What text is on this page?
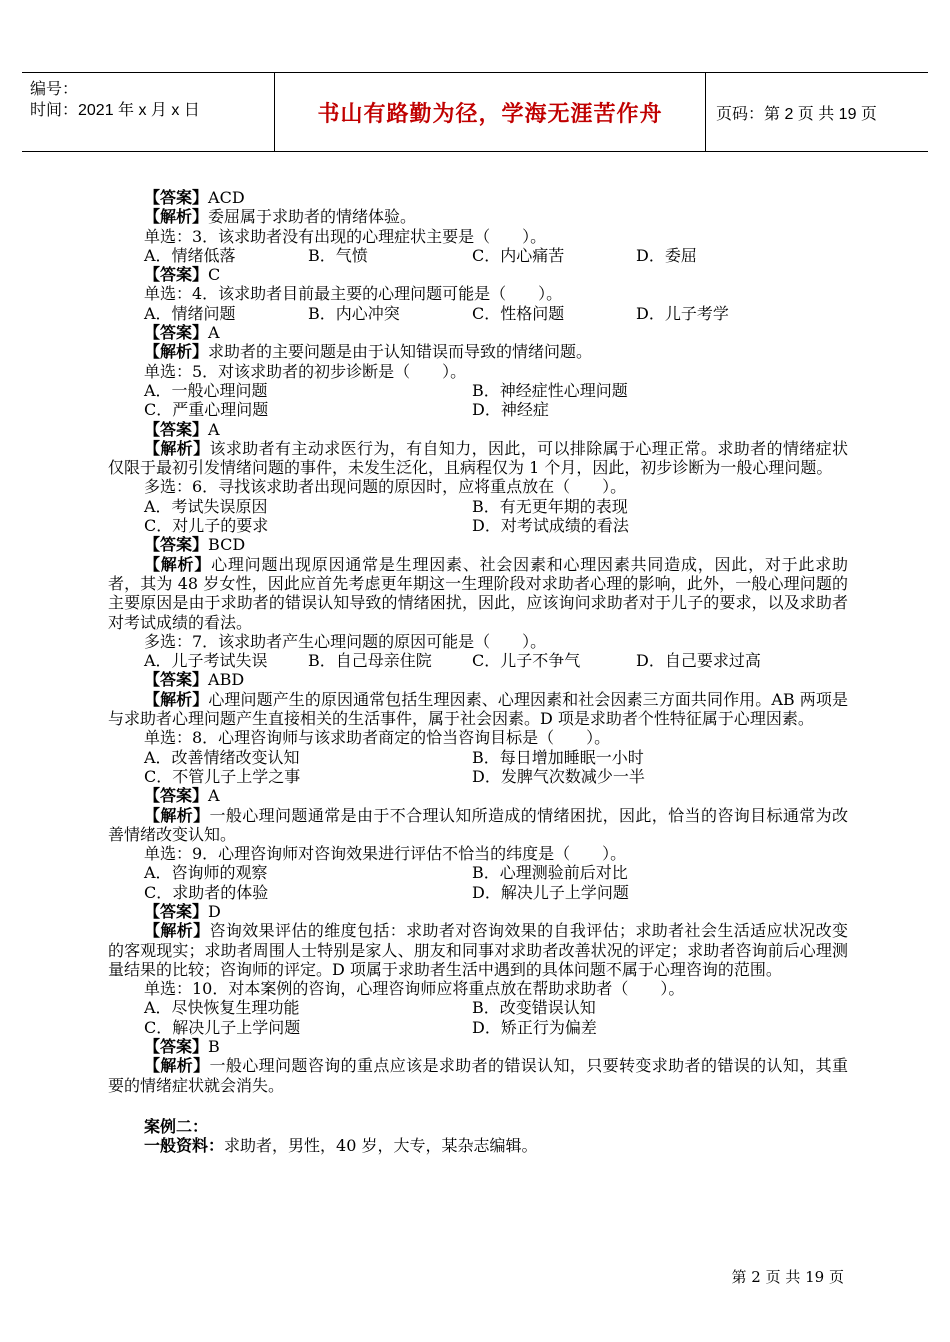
编号：
时间：2021 年 x 月 x 日	书山有路勤为径，学海无涯苦作舟	页码：第 2 页 共 19 页
【答案】ACD
【解析】委屈属于求助者的情绪体验。
单选：3．该求助者没有出现的心理症状主要是（　　）。
A．情绪低落	B．气愤	C．内心痛苦	D．委屈
【答案】C
单选：4．该求助者目前最主要的心理问题可能是（　　）。
A．情绪问题	B．内心冲突	C．性格问题	D．儿子考学
【答案】A
【解析】求助者的主要问题是由于认知错误而导致的情绪问题。
单选：5．对该求助者的初步诊断是（　　）。
A．一般心理问题	B．神经症性心理问题
C．严重心理问题	D．神经症
【答案】A
【解析】该求助者有主动求医行为，有自知力，因此，可以排除属于心理正常。求助者的情绪症状仅限于最初引发情绪问题的事件，未发生泛化，且病程仅为 1 个月，因此，初步诊断为一般心理问题。
多选：6．寻找该求助者出现问题的原因时，应将重点放在（　　）。
A．考试失误原因	B．有无更年期的表现
C．对儿子的要求	D．对考试成绩的看法
【答案】BCD
【解析】心理问题出现原因通常是生理因素、社会因素和心理因素共同造成，因此，对于此求助者，其为 48 岁女性，因此应首先考虑更年期这一生理阶段对求助者心理的影响，此外，一般心理问题的主要原因是由于求助者的错误认知导致的情绪困扰，因此，应该询问求助者对于儿子的要求，以及求助者对考试成绩的看法。
多选：7．该求助者产生心理问题的原因可能是（　　）。
A．儿子考试失误	B．自己母亲住院	C．儿子不争气	D．自己要求过高
【答案】ABD
【解析】心理问题产生的原因通常包括生理因素、心理因素和社会因素三方面共同作用。AB 两项是与求助者心理问题产生直接相关的生活事件，属于社会因素。D 项是求助者个性特征属于心理因素。
单选：8．心理咨询师与该求助者商定的恰当咨询目标是（　　）。
A．改善情绪改变认知	B．每日增加睡眠一小时
C．不管儿子上学之事	D．发脾气次数减少一半
【答案】A
【解析】一般心理问题通常是由于不合理认知所造成的情绪困扰，因此，恰当的咨询目标通常为改善情绪改变认知。
单选：9．心理咨询师对咨询效果进行评估不恰当的纬度是（　　）。
A．咨询师的观察	B．心理测验前后对比
C．求助者的体验	D．解决儿子上学问题
【答案】D
【解析】咨询效果评估的维度包括：求助者对咨询效果的自我评估；求助者社会生活适应状况改变的客观现实；求助者周围人士特别是家人、朋友和同事对求助者改善状况的评定；求助者咨询前后心理测量结果的比较；咨询师的评定。D 项属于求助者生活中遇到的具体问题不属于心理咨询的范围。
单选：10．对本案例的咨询，心理咨询师应将重点放在帮助求助者（　　）。
A．尽快恢复生理功能	B．改变错误认知
C．解决儿子上学问题	D．矫正行为偏差
【答案】B
【解析】一般心理问题咨询的重点应该是求助者的错误认知，只要转变求助者的错误的认知，其重要的情绪症状就会消失。
案例二：
一般资料：求助者，男性，40 岁，大专，某杂志编辑。
第 2 页 共 19 页
